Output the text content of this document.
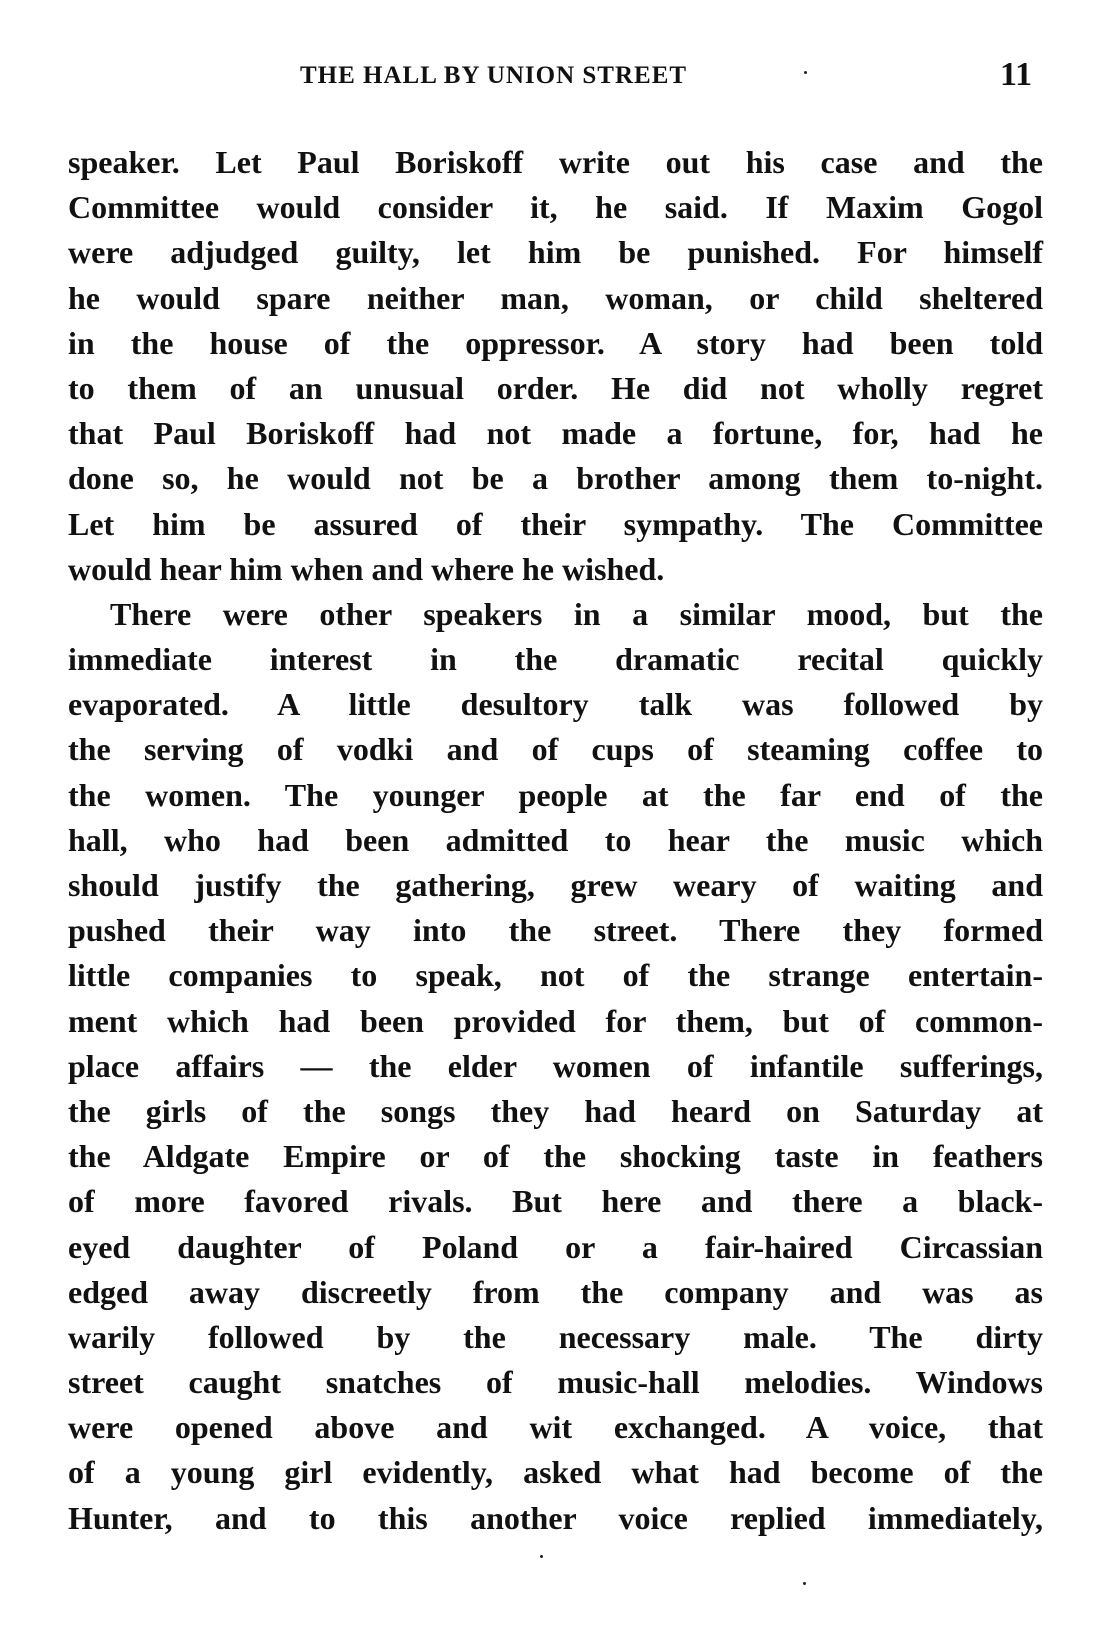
THE HALL BY UNION STREET	11
speaker. Let Paul Boriskoff write out his case and the
Committee would consider it, he said. If Maxim Gogol
were adjudged guilty, let him be punished. For himself
he would spare neither man, woman, or child sheltered
in the house of the oppressor. A story had been told
to them of an unusual order. He did not wholly regret
that Paul Boriskoff had not made a fortune, for, had he
done so, he would not be a brother among them to-night.
Let him be assured of their sympathy. The Committee
would hear him when and where he wished.
There were other speakers in a similar mood, but the
immediate interest in the dramatic recital quickly
evaporated. A little desultory talk was followed by
the serving of vodki and of cups of steaming coffee to
the women. The younger people at the far end of the
hall, who had been admitted to hear the music which
should justify the gathering, grew weary of waiting and
pushed their way into the street. There they formed
little companies to speak, not of the strange entertain-
ment which had been provided for them, but of common-
place affairs — the elder women of infantile sufferings,
the girls of the songs they had heard on Saturday at
the Aldgate Empire or of the shocking taste in feathers
of more favored rivals. But here and there a black-
eyed daughter of Poland or a fair-haired Circassian
edged away discreetly from the company and was as
warily followed by the necessary male. The dirty
street caught snatches of music-hall melodies. Windows
were opened above and wit exchanged. A voice, that
of a young girl evidently, asked what had become of the
Hunter, and to this another voice replied immediately,
